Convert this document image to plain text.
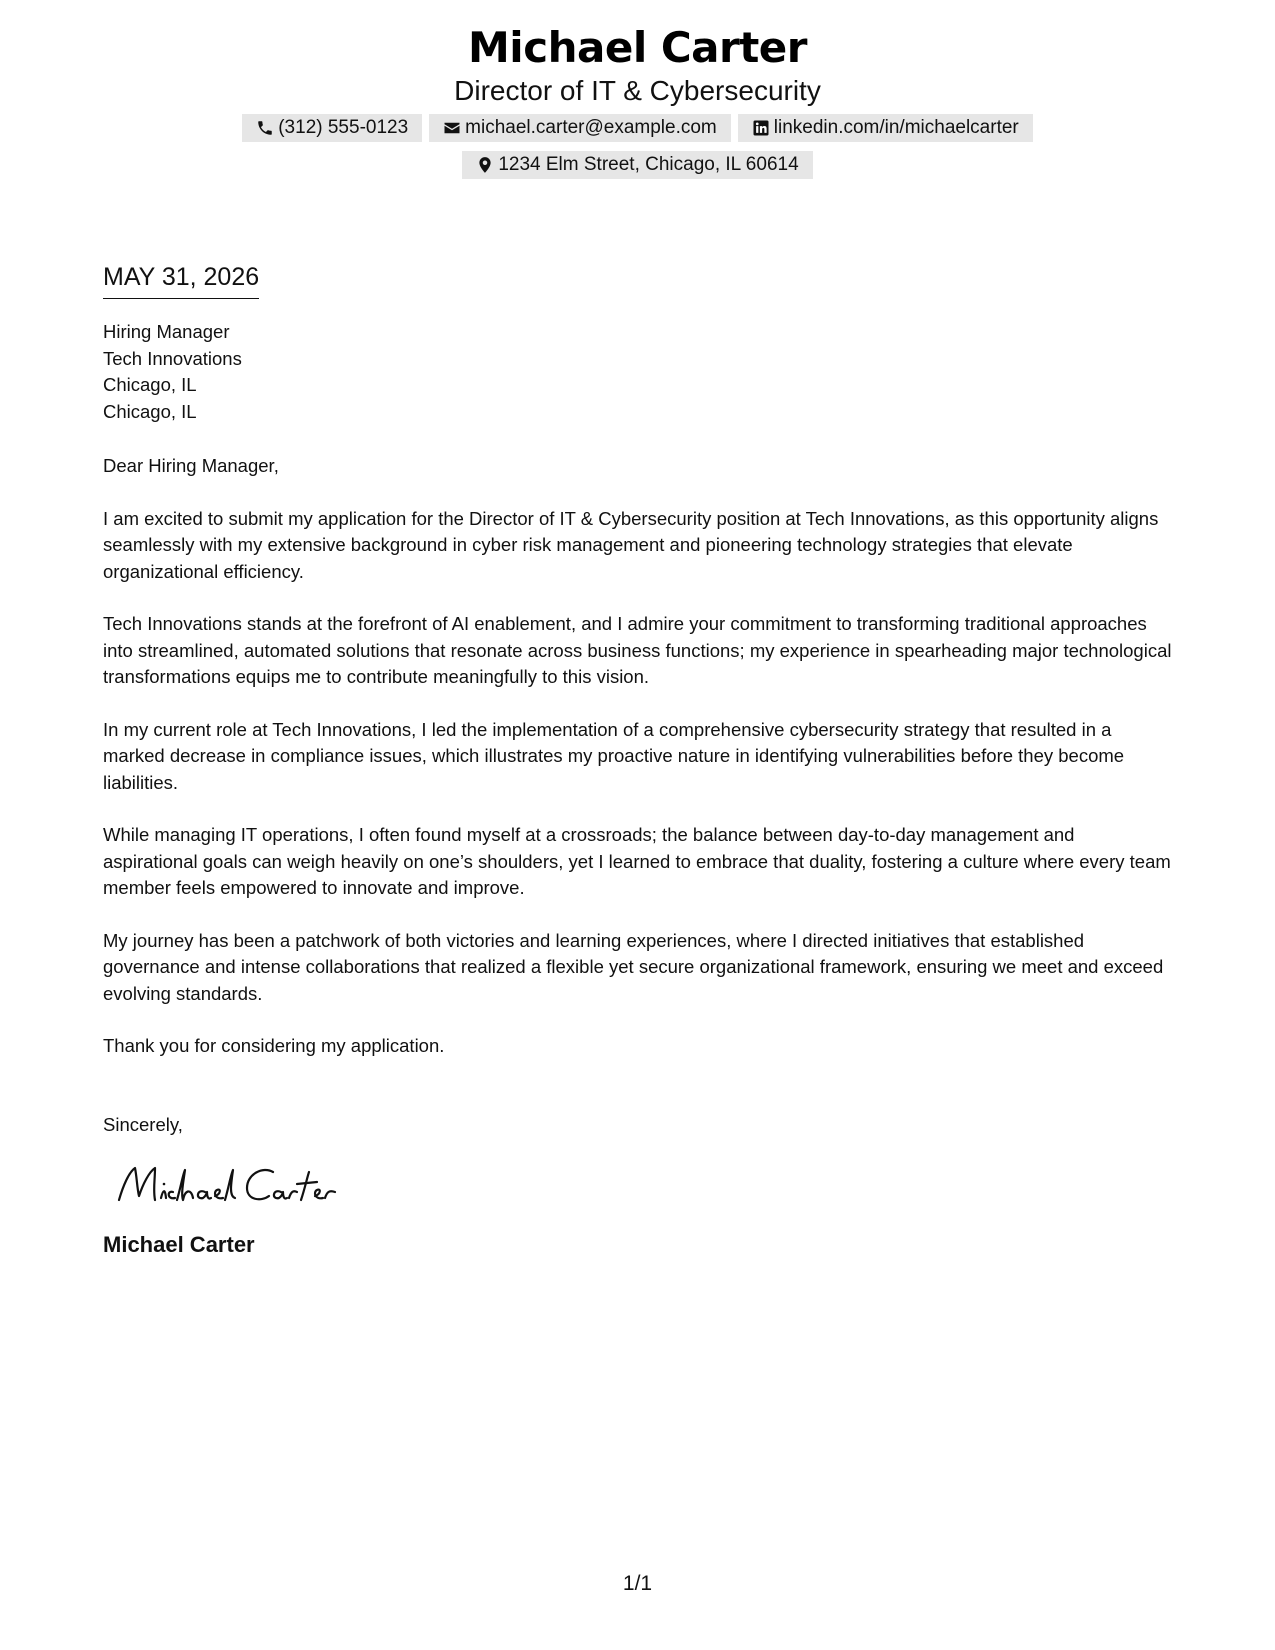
Michael Carter
Director of IT & Cybersecurity
(312) 555-0123	michael.carter@example.com	linkedin.com/in/michaelcarter
1234 Elm Street, Chicago, IL 60614
MAY 31, 2026
Hiring Manager
Tech Innovations
Chicago, IL
Chicago, IL
Dear Hiring Manager,
I am excited to submit my application for the Director of IT & Cybersecurity position at Tech Innovations, as this opportunity aligns seamlessly with my extensive background in cyber risk management and pioneering technology strategies that elevate organizational efficiency.
Tech Innovations stands at the forefront of AI enablement, and I admire your commitment to transforming traditional approaches into streamlined, automated solutions that resonate across business functions; my experience in spearheading major technological transformations equips me to contribute meaningfully to this vision.
In my current role at Tech Innovations, I led the implementation of a comprehensive cybersecurity strategy that resulted in a marked decrease in compliance issues, which illustrates my proactive nature in identifying vulnerabilities before they become liabilities.
While managing IT operations, I often found myself at a crossroads; the balance between day-to-day management and aspirational goals can weigh heavily on one’s shoulders, yet I learned to embrace that duality, fostering a culture where every team member feels empowered to innovate and improve.
My journey has been a patchwork of both victories and learning experiences, where I directed initiatives that established governance and intense collaborations that realized a flexible yet secure organizational framework, ensuring we meet and exceed evolving standards.
Thank you for considering my application.
Sincerely,
Michael Carter
1/1
